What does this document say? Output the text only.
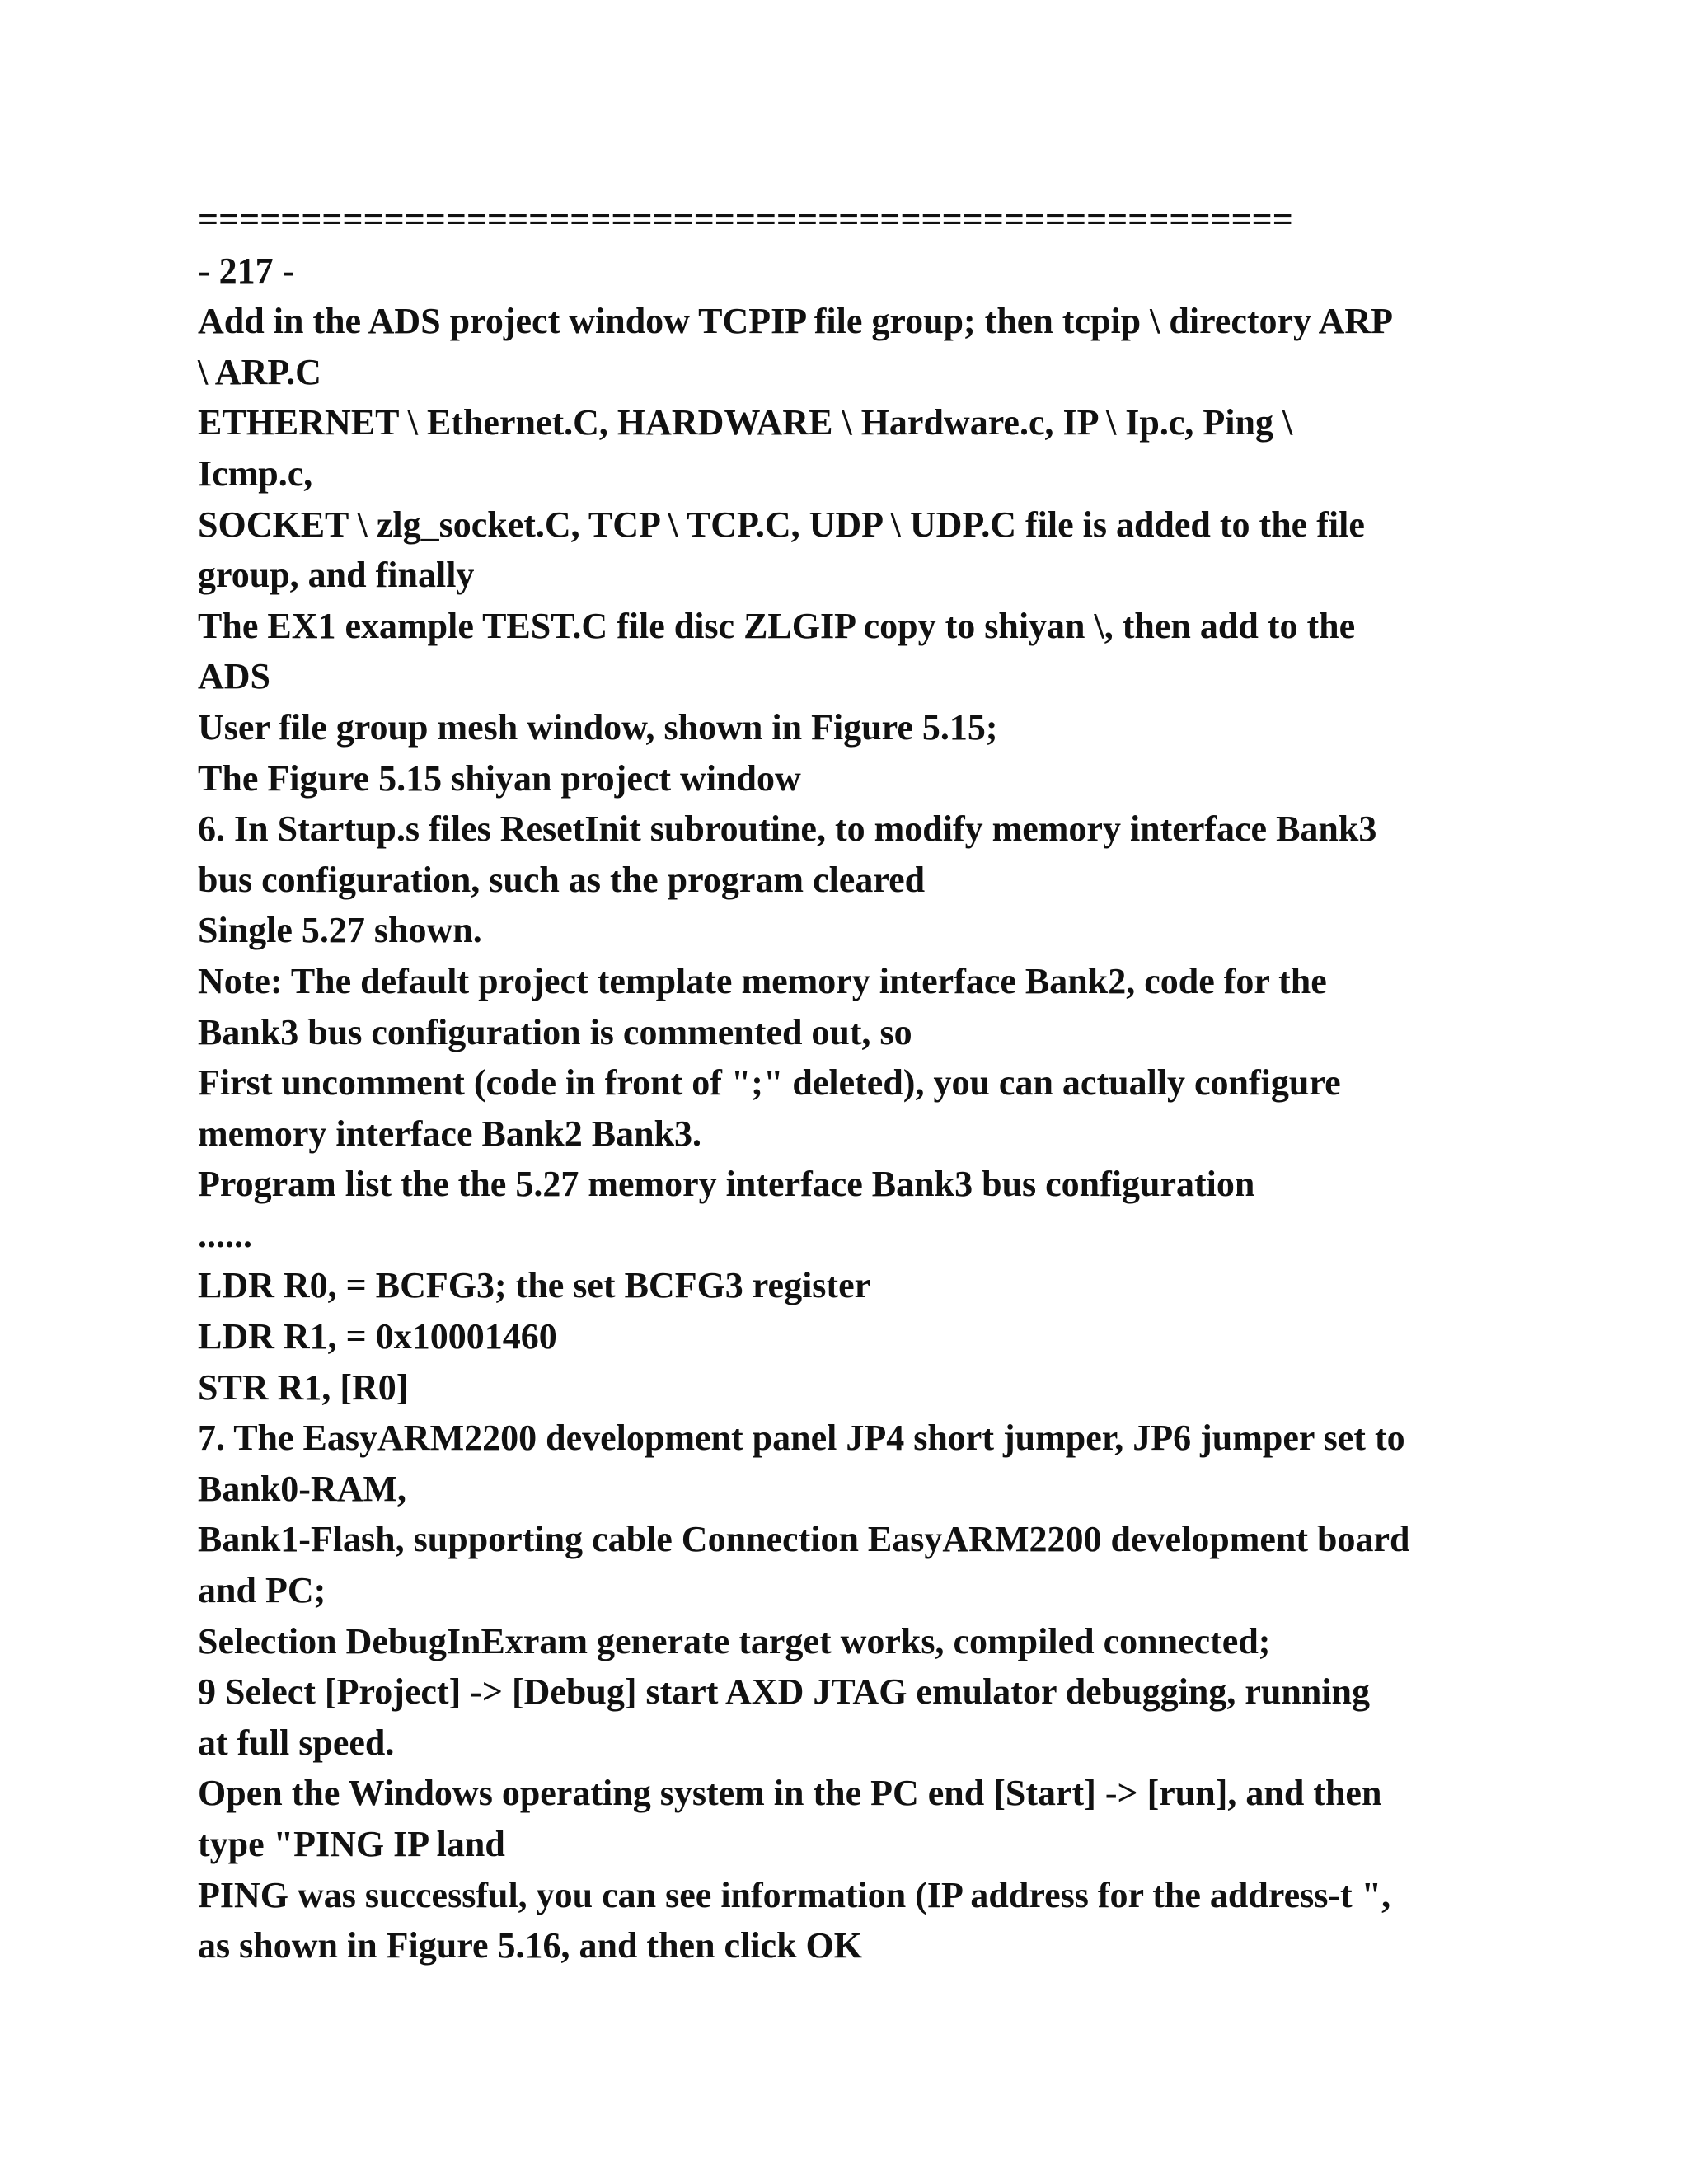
=====================================================

- 217 -

Add in the ADS project window TCPIP file group; then tcpip \ directory ARP

\ ARP.C

ETHERNET \ Ethernet.C, HARDWARE \ Hardware.c, IP \ Ip.c, Ping \

Icmp.c,

SOCKET \ zlg_socket.C, TCP \ TCP.C, UDP \ UDP.C file is added to the file

group, and finally

The EX1 example TEST.C file disc ZLGIP copy to shiyan \, then add to the

ADS

User file group mesh window, shown in Figure 5.15;

The Figure 5.15 shiyan project window

6. In Startup.s files ResetInit subroutine, to modify memory interface Bank3

bus configuration, such as the program cleared

Single 5.27 shown.

Note: The default project template memory interface Bank2, code for the

Bank3 bus configuration is commented out, so

First uncomment (code in front of ";" deleted), you can actually configure

memory interface Bank2 Bank3.

Program list the the 5.27 memory interface Bank3 bus configuration

......

LDR R0, = BCFG3; the set BCFG3 register

LDR R1, = 0x10001460

STR R1, [R0]

7. The EasyARM2200 development panel JP4 short jumper, JP6 jumper set to

Bank0-RAM,

Bank1-Flash, supporting cable Connection EasyARM2200 development board

and PC;

Selection DebugInExram generate target works, compiled connected;

9 Select [Project] -> [Debug] start AXD JTAG emulator debugging, running

at full speed.

Open the Windows operating system in the PC end [Start] -> [run], and then

type "PING IP land

PING was successful, you can see information (IP address for the address-t ",

as shown in Figure 5.16, and then click OK
